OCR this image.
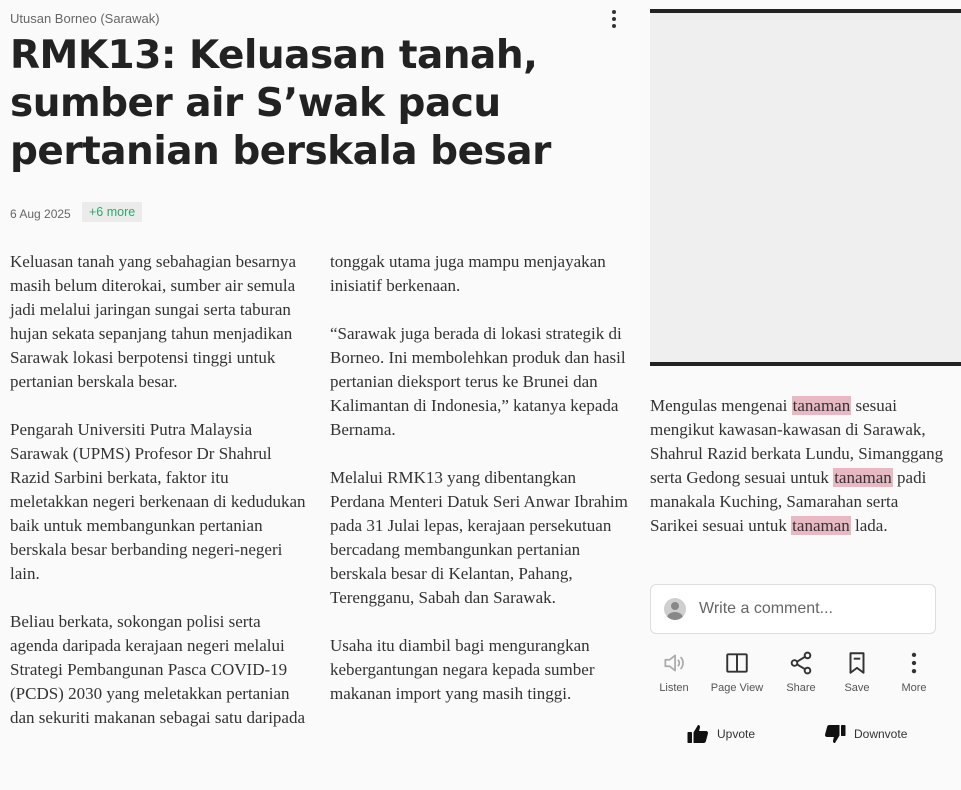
Utusan Borneo (Sarawak)
RMK13: Keluasan tanah, sumber air S’wak pacu pertanian berskala besar
6 Aug 2025	+6 more

Keluasan tanah yang sebahagian besarnya masih belum diterokai, sumber air semula jadi melalui jaringan sungai serta taburan hujan sekata sepanjang tahun menjadikan Sarawak lokasi berpotensi tinggi untuk pertanian berskala besar.

Pengarah Universiti Putra Malaysia Sarawak (UPMS) Profesor Dr Shahrul Razid Sarbini berkata, faktor itu meletakkan negeri berkenaan di kedudukan baik untuk membangunkan pertanian berskala besar berbanding negeri-negeri lain.

Beliau berkata, sokongan polisi serta agenda daripada kerajaan negeri melalui Strategi Pembangunan Pasca COVID-19 (PCDS) 2030 yang meletakkan pertanian dan sekuriti makanan sebagai satu daripada

tonggak utama juga mampu menjayakan inisiatif berkenaan.

“Sarawak juga berada di lokasi strategik di Borneo. Ini membolehkan produk dan hasil pertanian dieksport terus ke Brunei dan Kalimantan di Indonesia,” katanya kepada Bernama.

Melalui RMK13 yang dibentangkan Perdana Menteri Datuk Seri Anwar Ibrahim pada 31 Julai lepas, kerajaan persekutuan bercadang membangunkan pertanian berskala besar di Kelantan, Pahang, Terengganu, Sabah dan Sarawak.

Usaha itu diambil bagi mengurangkan kebergantungan negara kepada sumber makanan import yang masih tinggi.

Mengulas mengenai tanaman sesuai mengikut kawasan-kawasan di Sarawak, Shahrul Razid berkata Lundu, Simanggang serta Gedong sesuai untuk tanaman padi manakala Kuching, Samarahan serta Sarikei sesuai untuk tanaman lada.
Write a comment...
Listen Page View Share	Save	More
Upvote	Downvote
